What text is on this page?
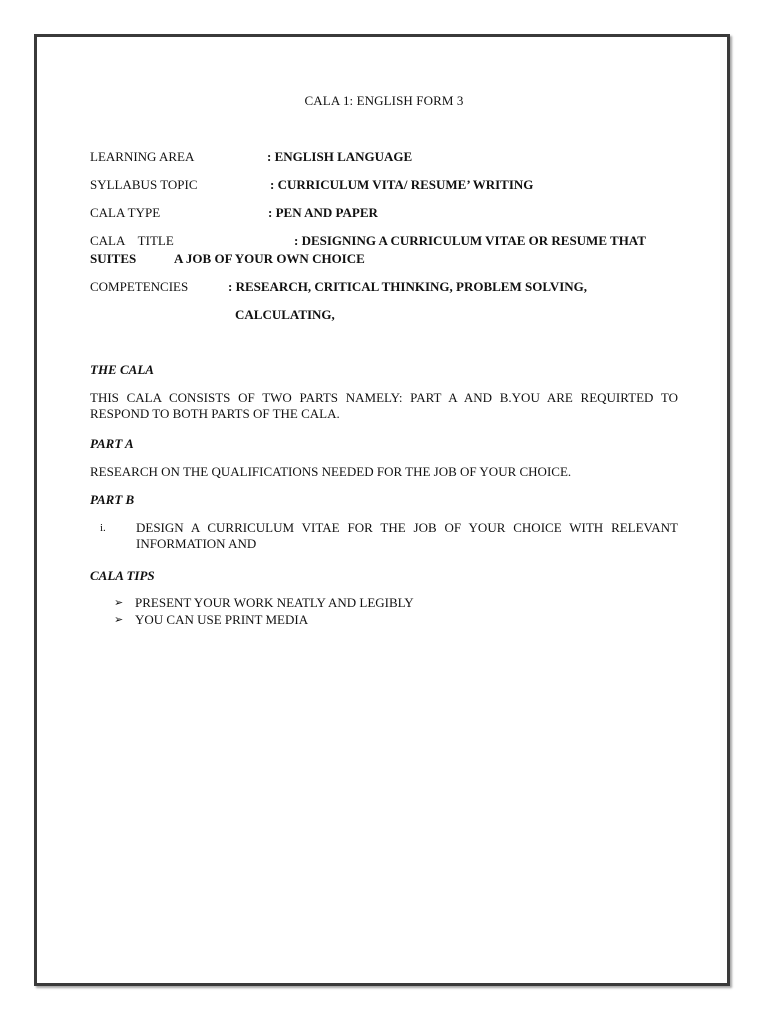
CALA 1: ENGLISH FORM 3
LEARNING AREA	: ENGLISH LANGUAGE
SYLLABUS TOPIC	: CURRICULUM VITA/ RESUME’ WRITING
CALA TYPE	: PEN AND PAPER
CALA TITLE	: DESIGNING A CURRICULUM VITAE OR RESUME THAT
SUITES	A JOB OF YOUR OWN CHOICE
COMPETENCIES	: RESEARCH, CRITICAL THINKING, PROBLEM SOLVING,
CALCULATING,
THE CALA
THIS CALA CONSISTS OF TWO PARTS NAMELY: PART A AND B.YOU ARE REQUIRTED TO RESPOND TO BOTH PARTS OF THE CALA.
PART A
RESEARCH ON THE QUALIFICATIONS NEEDED FOR THE JOB OF YOUR CHOICE.
PART B
i. DESIGN A CURRICULUM VITAE FOR THE JOB OF YOUR CHOICE WITH RELEVANT INFORMATION AND
CALA TIPS
➢ PRESENT YOUR WORK NEATLY AND LEGIBLY
➢ YOU CAN USE PRINT MEDIA
